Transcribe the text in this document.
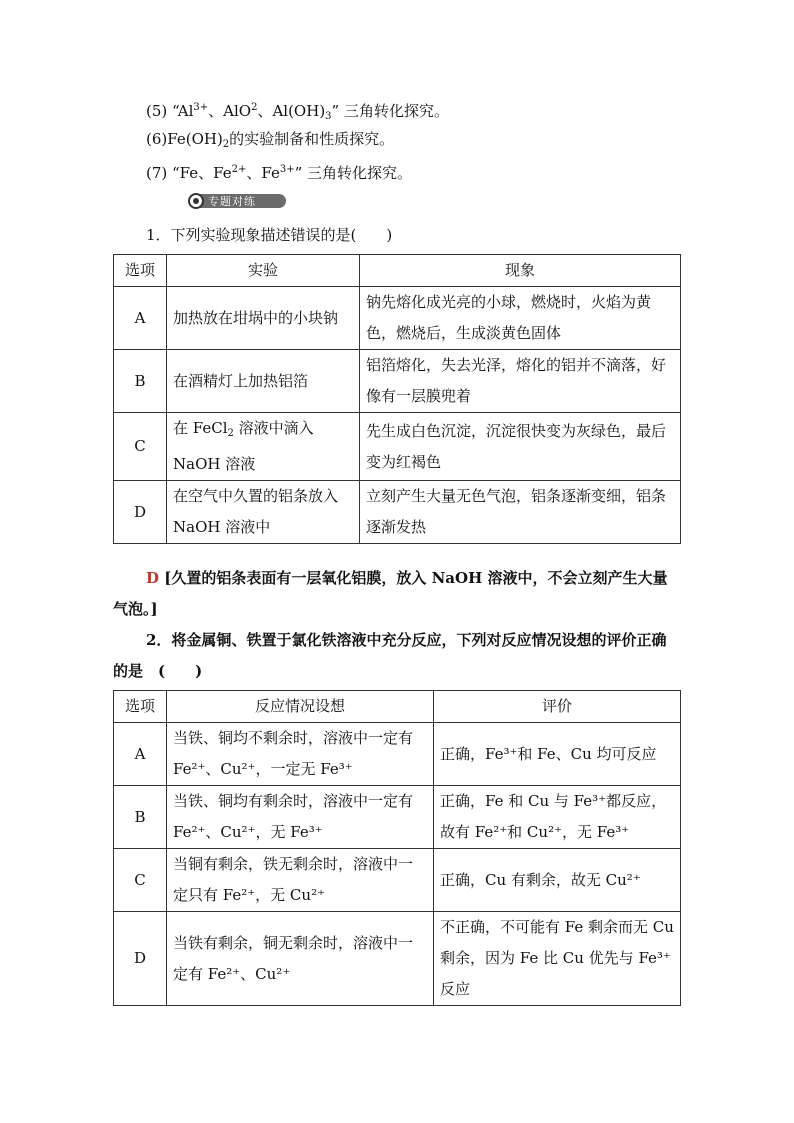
(5) “$Al^{3+}$、AlO$^2$、$Al(OH)_3$” 三角转化探究。
$(6)Fe(OH)_2$的实验制备和性质探究。
(7) “Fe、$Fe^{2+}$、$Fe^{3+}$” 三角转化探究。
专题对练
1．下列实验现象描述错误的是(　　)
选项	实验	现象
A	加热放在坩埚中的小块钠	钠先熔化成光亮的小球，燃烧时，火焰为黄色，燃烧后，生成淡黄色固体
B	在酒精灯上加热铝箔	铝箔熔化，失去光泽，熔化的铝并不滴落，好像有一层膜兜着
C	在 FeCl$_2$ 溶液中滴入 NaOH 溶液	先生成白色沉淀，沉淀很快变为灰绿色，最后变为红褐色
D	在空气中久置的铝条放入 NaOH 溶液中	立刻产生大量无色气泡，铝条逐渐变细，铝条逐渐发热
D [久置的铝条表面有一层氧化铝膜，放入 NaOH 溶液中，不会立刻产生大量气泡。]
2．将金属铜、铁置于氯化铁溶液中充分反应，下列对反应情况设想的评价正确的是　(　　)
选项	反应情况设想	评价
A	当铁、铜均不剩余时，溶液中一定有 Fe²⁺、Cu²⁺，一定无 Fe³⁺	正确，Fe³⁺和 Fe、Cu 均可反应
B	当铁、铜均有剩余时，溶液中一定有 Fe²⁺、Cu²⁺，无 Fe³⁺	正确，Fe 和 Cu 与 Fe³⁺都反应，故有 Fe²⁺和 Cu²⁺，无 Fe³⁺
C	当铜有剩余，铁无剩余时，溶液中一定只有 Fe²⁺，无 Cu²⁺	正确，Cu 有剩余，故无 Cu²⁺
D	当铁有剩余，铜无剩余时，溶液中一定有 Fe²⁺、Cu²⁺	不正确，不可能有 Fe 剩余而无 Cu 剩余，因为 Fe 比 Cu 优先与 Fe³⁺反应
